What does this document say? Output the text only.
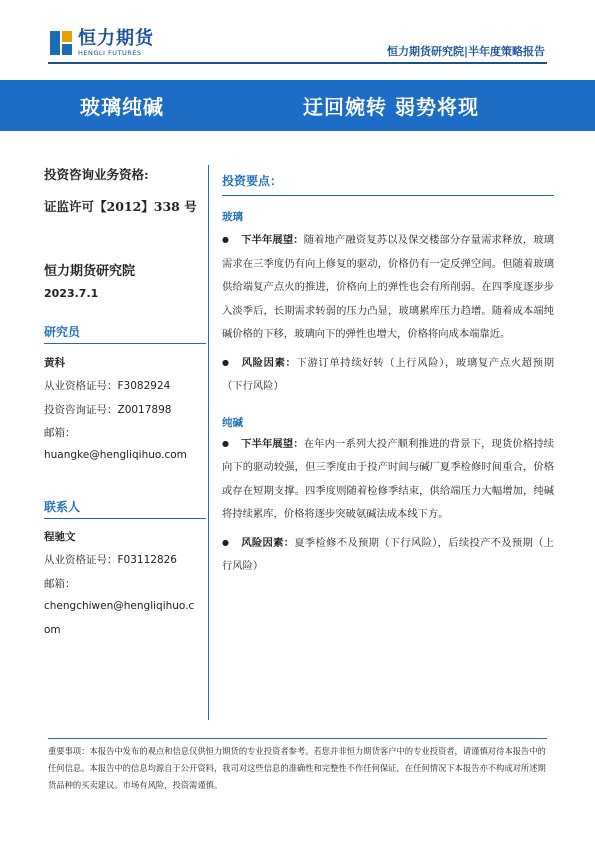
恒力期货
HENGLI FUTURES	恒力期货研究院|半年度策略报告
玻璃纯碱	迂回婉转 弱势将现
投资咨询业务资格:
证监许可【2012】338 号
恒力期货研究院
2023.7.1
研究员
黄科
从业资格证号：F3082924
投资咨询证号：Z0017898
邮箱：
huangke@hengliqihuo.com
联系人
程驰文
从业资格证号：F03112826
邮箱：
chengchiwen@hengliqihuo.c
om
投资要点：
玻璃
● 下半年展望：随着地产融资复苏以及保交楼部分存量需求释放，玻璃需求在三季度仍有向上修复的驱动，价格仍有一定反弹空间。但随着玻璃供给端复产点火的推进，价格向上的弹性也会有所削弱。在四季度逐步步入淡季后，长期需求转弱的压力凸显，玻璃累库压力趋增。随着成本端纯碱价格的下移，玻璃向下的弹性也增大，价格将向成本端靠近。
● 风险因素：下游订单持续好转（上行风险），玻璃复产点火超预期（下行风险）
纯碱
● 下半年展望：在年内一系列大投产顺利推进的背景下，现货价格持续向下的驱动较强，但三季度由于投产时间与碱厂夏季检修时间重合，价格或存在短期支撑。四季度则随着检修季结束，供给端压力大幅增加，纯碱将持续累库，价格将逐步突破氨碱法成本线下方。
● 风险因素：夏季检修不及预期（下行风险），后续投产不及预期（上行风险）
重要事项：本报告中发布的观点和信息仅供恒力期货的专业投资者参考。若您并非恒力期货客户中的专业投资者，请谨慎对待本报告中的任何信息。本报告中的信息均源自于公开资料，我司对这些信息的准确性和完整性不作任何保证，在任何情况下本报告亦不构成对所述期货品种的买卖建议。市场有风险，投资需谨慎。
